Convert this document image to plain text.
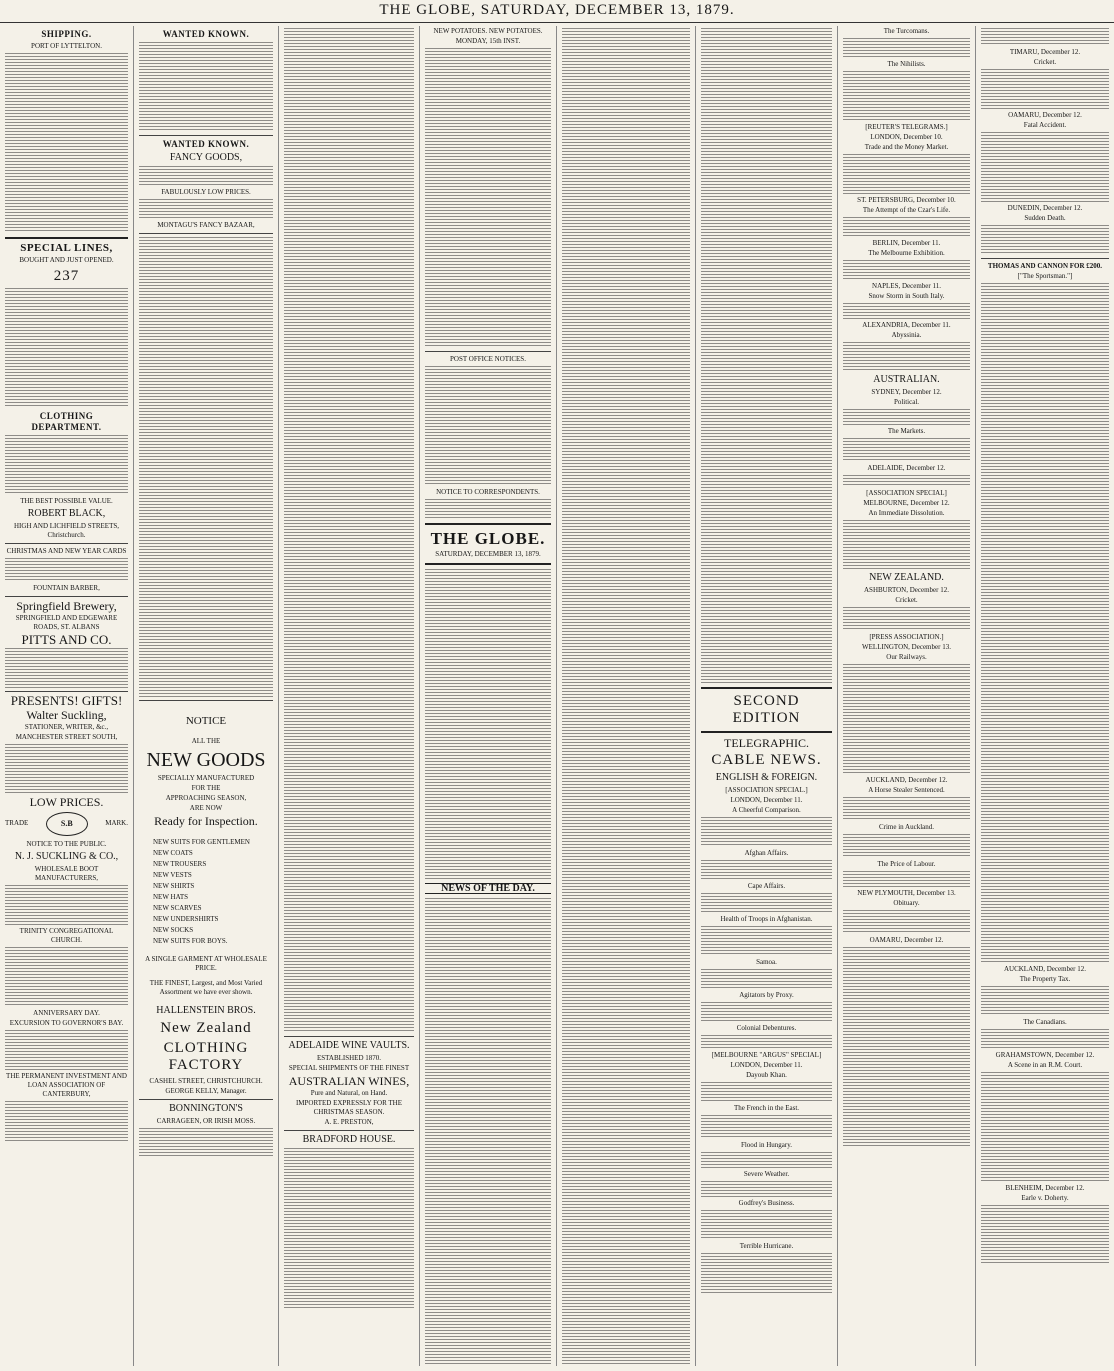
THE GLOBE, SATURDAY, DECEMBER 13, 1879.
SHIPPING.
PORT OF LYTTELTON.
SPECIAL LINES,
BOUGHT AND JUST OPENED.
237
CLOTHING DEPARTMENT.
THE BEST POSSIBLE VALUE.
ROBERT BLACK,
HIGH AND LICHFIELD STREETS, Christchurch.
CHRISTMAS AND NEW YEAR CARDS
FOUNTAIN BARBER,
Springfield Brewery,
SPRINGFIELD AND EDGEWARE ROADS, ST. ALBANS
PITTS AND CO.
PRESENTS! GIFTS!
Walter Suckling,
STATIONER, WRITER, &c.,
MANCHESTER STREET SOUTH,
LOW PRICES.
TRADE	S.B	MARK.
NOTICE TO THE PUBLIC.
N. J. SUCKLING & CO.,
WHOLESALE BOOT MANUFACTURERS,
TRINITY CONGREGATIONAL CHURCH.
ANNIVERSARY DAY.
EXCURSION TO GOVERNOR'S BAY.
THE PERMANENT INVESTMENT AND LOAN ASSOCIATION OF CANTERBURY,
WANTED KNOWN.
WANTED KNOWN.
FANCY GOODS,
FABULOUSLY LOW PRICES.
MONTAGU'S FANCY BAZAAR,
NOTICE
ALL THE
NEW GOODS
SPECIALLY MANUFACTURED
FOR THE
APPROACHING SEASON,
ARE NOW
Ready for Inspection.
NEW SUITS FOR GENTLEMEN
NEW COATS
NEW TROUSERS
NEW VESTS
NEW SHIRTS
NEW HATS
NEW SCARVES
NEW UNDERSHIRTS
NEW SOCKS
NEW SUITS FOR BOYS.
A SINGLE GARMENT AT WHOLESALE PRICE.
THE FINEST, Largest, and Most Varied Assortment we have ever shown.
HALLENSTEIN BROS.
New Zealand
CLOTHING FACTORY
CASHEL STREET, CHRISTCHURCH.
GEORGE KELLY, Manager.
BONNINGTON'S
CARRAGEEN, OR IRISH MOSS.
ADELAIDE WINE VAULTS.
ESTABLISHED 1870.
SPECIAL SHIPMENTS OF THE FINEST
AUSTRALIAN WINES,
Pure and Natural, on Hand.
IMPORTED EXPRESSLY FOR THE CHRISTMAS SEASON.
A. E. PRESTON,
BRADFORD HOUSE.
NEW POTATOES. NEW POTATOES.
MONDAY, 15th INST.
POST OFFICE NOTICES.
NOTICE TO CORRESPONDENTS.
THE GLOBE.
SATURDAY, DECEMBER 13, 1879.
NEWS OF THE DAY.
SECOND EDITION
TELEGRAPHIC.
CABLE NEWS.
ENGLISH & FOREIGN.
[ASSOCIATION SPECIAL.]
LONDON, December 11.
A Cheerful Comparison.
Afghan Affairs.
Cape Affairs.
Health of Troops in Afghanistan.
Samoa.
Agitators by Proxy.
Colonial Debentures.
[MELBOURNE "ARGUS" SPECIAL]
LONDON, December 11.
Dayoub Khan.
The French in the East.
Flood in Hungary.
Severe Weather.
Godfrey's Business.
Terrible Hurricane.
The Turcomans.
The Nihilists.
[REUTER'S TELEGRAMS.]
LONDON, December 10.
Trade and the Money Market.
ST. PETERSBURG, December 10.
The Attempt of the Czar's Life.
BERLIN, December 11.
The Melbourne Exhibition.
NAPLES, December 11.
Snow Storm in South Italy.
ALEXANDRIA, December 11.
Abyssinia.
AUSTRALIAN.
SYDNEY, December 12.
Political.
The Markets.
ADELAIDE, December 12.
[ASSOCIATION SPECIAL]
MELBOURNE, December 12.
An Immediate Dissolution.
NEW ZEALAND.
ASHBURTON, December 12.
Cricket.
[PRESS ASSOCIATION.]
WELLINGTON, December 13.
Our Railways.
AUCKLAND, December 12.
A Horse Stealer Sentenced.
Crime in Auckland.
The Price of Labour.
NEW PLYMOUTH, December 13.
Obituary.
OAMARU, December 12.
TIMARU, December 12.
Cricket.
OAMARU, December 12.
Fatal Accident.
DUNEDIN, December 12.
Sudden Death.
THOMAS AND CANNON FOR £200.
["The Sportsman."]
AUCKLAND, December 12.
The Property Tax.
The Canadians.
GRAHAMSTOWN, December 12.
A Scene in an R.M. Court.
BLENHEIM, December 12.
Earle v. Doherty.
